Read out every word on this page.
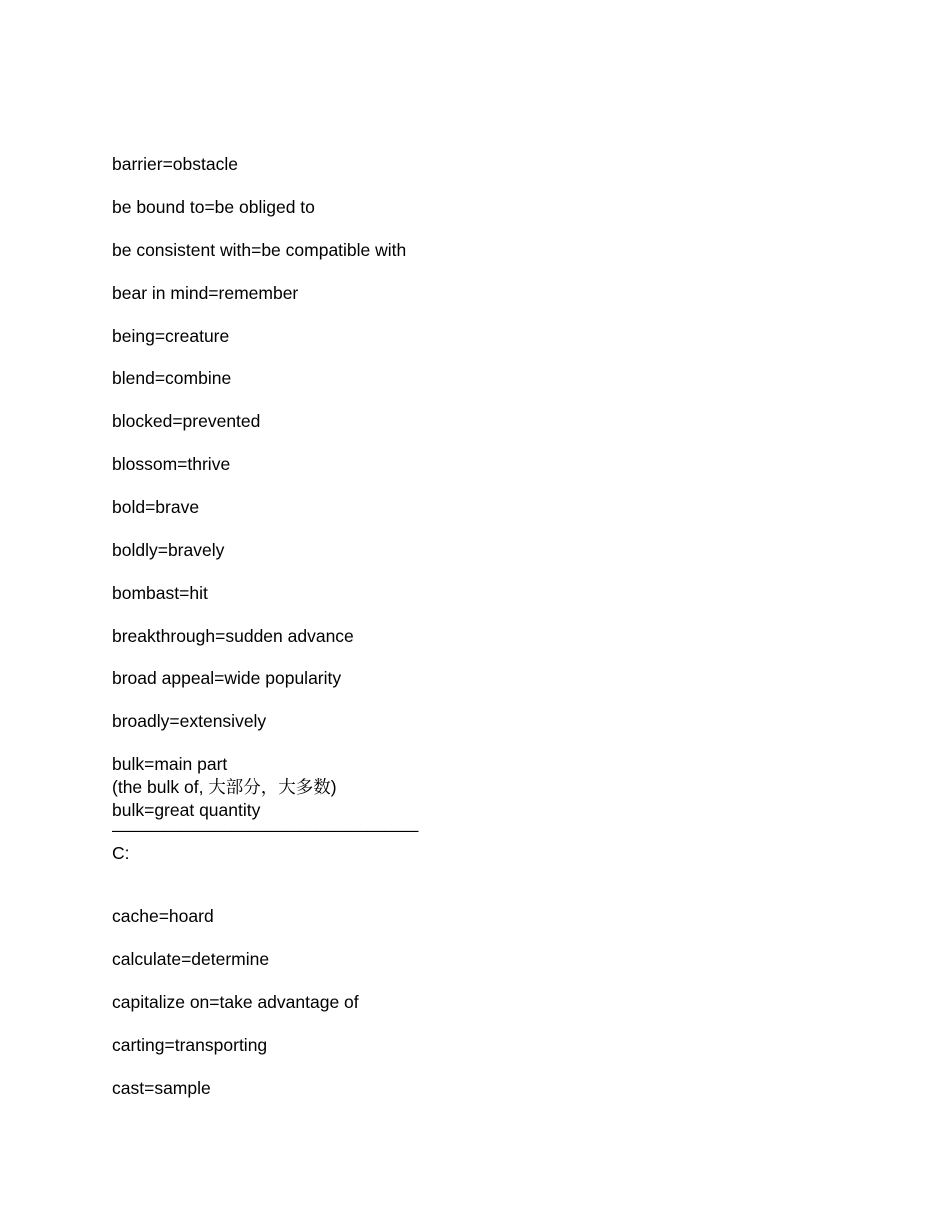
barrier=obstacle
be bound to=be obliged to
be consistent with=be compatible with
bear in mind=remember
being=creature
blend=combine
blocked=prevented
blossom=thrive
bold=brave
boldly=bravely
bombast=hit
breakthrough=sudden advance
broad appeal=wide popularity
broadly=extensively
bulk=main part
(the bulk of, 大部分，大多数)
bulk=great quantity
——————————————————
C:
cache=hoard
calculate=determine
capitalize on=take advantage of
carting=transporting
cast=sample
